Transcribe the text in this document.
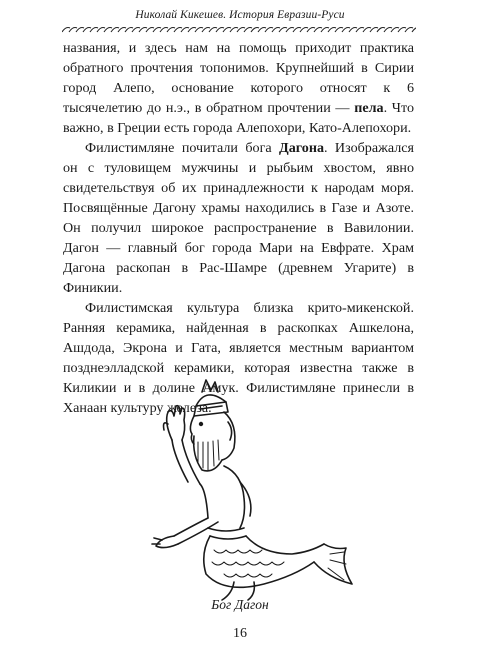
Николай Кикешев. История Евразии-Руси

названия, и здесь нам на помощь приходит практика обратного прочтения топонимов. Крупнейший в Сирии город Алепо, основание которого относят к 6 тысячелетию до н.э., в обратном прочтении — пела. Что важно, в Греции есть города Алепохори, Като-Алепохори.

Филистимляне почитали бога Дагона. Изображался он с туловищем мужчины и рыбьим хвостом, явно свидетельствуя об их принадлежности к народам моря. Посвящённые Дагону храмы находились в Газе и Азоте. Он получил широкое распространение в Вавилонии. Дагон — главный бог города Мари на Евфрате. Храм Дагона раскопан в Рас-Шамре (древнем Угарите) в Финикии.

Филистимская культура близка крито-микенской. Ранняя керамика, найденная в раскопках Ашкелона, Ашдода, Экрона и Гата, является местным вариантом позднеэлладской керамики, которая известна также в Киликии и в долине Амук. Филистимляне принесли в Ханаан культуру железа.

Бог Дагон
16
